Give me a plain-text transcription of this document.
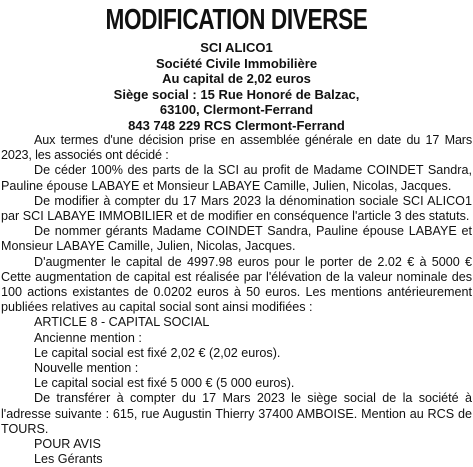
MODIFICATION DIVERSE
SCI ALICO1
Société Civile Immobilière
Au capital de 2,02 euros
Siège social : 15 Rue Honoré de Balzac,
63100, Clermont-Ferrand
843 748 229 RCS Clermont-Ferrand

Aux termes d'une décision prise en assemblée générale en date du 17 Mars 2023, les associés ont décidé :

De céder 100% des parts de la SCI au profit de Madame COINDET Sandra, Pauline épouse LABAYE et Monsieur LABAYE Camille, Julien, Nicolas, Jacques.

De modifier à compter du 17 Mars 2023 la dénomination sociale SCI ALICO1 par SCI LABAYE IMMOBILIER et de modifier en conséquence l'article 3 des statuts.

De nommer gérants Madame COINDET Sandra, Pauline épouse LABAYE et Monsieur LABAYE Camille, Julien, Nicolas, Jacques.

D'augmenter le capital de 4997.98 euros pour le porter de 2.02 € à 5000 € Cette augmentation de capital est réalisée par l'élévation de la valeur nominale des 100 actions existantes de 0.0202 euros à 50 euros. Les mentions antérieurement publiées relatives au capital social sont ainsi modifiées :

ARTICLE 8 - CAPITAL SOCIAL
Ancienne mention :
Le capital social est fixé 2,02 € (2,02 euros).
Nouvelle mention :
Le capital social est fixé 5 000 € (5 000 euros).

De transférer à compter du 17 Mars 2023 le siège social de la société à l'adresse suivante : 615, rue Augustin Thierry 37400 AMBOISE. Mention au RCS de TOURS.

POUR AVIS
Les Gérants
